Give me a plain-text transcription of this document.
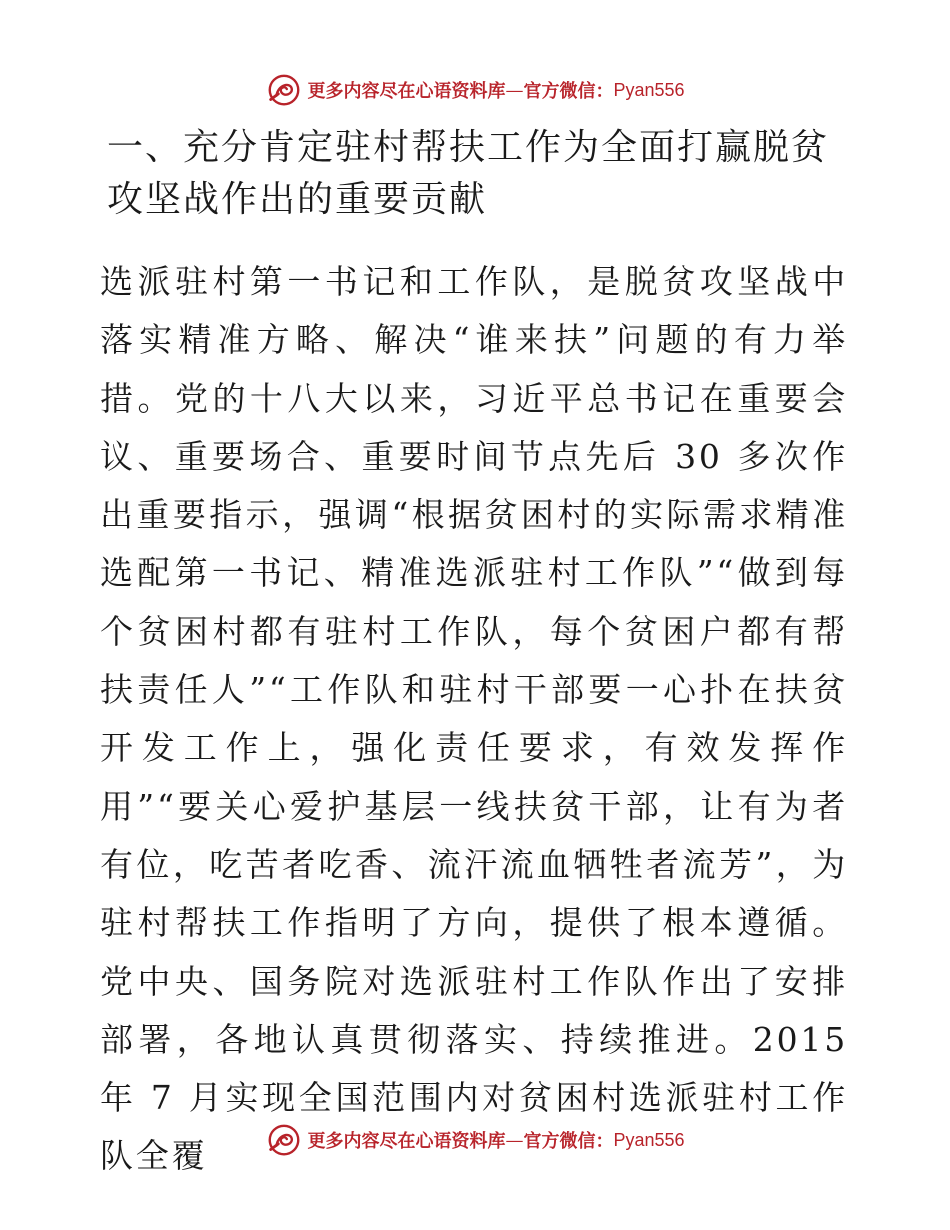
更多内容尽在心语资料库 — 官方微信： Pyan556
一、充分肯定驻村帮扶工作为全面打赢脱贫攻坚战作出的重要贡献

选派驻村第一书记和工作队，是脱贫攻坚战中落实精准方略、解决“谁来扶”问题的有力举措。党的十八大以来，习近平总书记在重要会议、重要场合、重要时间节点先后 30 多次作出重要指示，强调“根据贫困村的实际需求精准选配第一书记、精准选派驻村工作队”“做到每个贫困村都有驻村工作队，每个贫困户都有帮扶责任人”“工作队和驻村干部要一心扑在扶贫开发工作上，强化责任要求，有效发挥作用”“要关心爱护基层一线扶贫干部，让有为者有位，吃苦者吃香、流汗流血牺牲者流芳”，为驻村帮扶工作指明了方向，提供了根本遵循。党中央、国务院对选派驻村工作队作出了安排部署，各地认真贯彻落实、持续推进。2015 年 7 月实现全国范围内对贫困村选派驻村工作队全覆	更多内容尽在心语资料库 — 官方微信： Pyan556
